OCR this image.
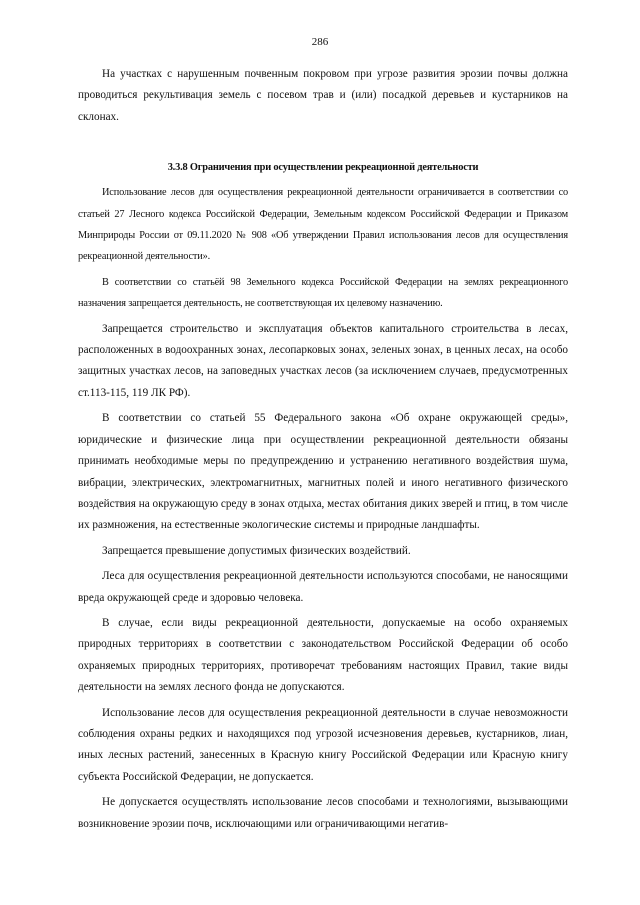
286

На участках с нарушенным почвенным покровом при угрозе развития эрозии почвы должна проводиться рекультивация земель с посевом трав и (или) посадкой деревьев и кустарников на склонах.

3.3.8 Ограничения при осуществлении рекреационной деятельности

Использование лесов для осуществления рекреационной деятельности ограничивается в соответствии со статьей 27 Лесного кодекса Российской Федерации, Земельным кодексом Российской Федерации и Приказом Минприроды России от 09.11.2020 № 908 «Об утверждении Правил использования лесов для осуществления рекреационной деятельности».

В соответствии со статьёй 98 Земельного кодекса Российской Федерации на землях рекреационного назначения запрещается деятельность, не соответствующая их целевому назначению.

Запрещается строительство и эксплуатация объектов капитального строительства в лесах, расположенных в водоохранных зонах, лесопарковых зонах, зеленых зонах, в ценных лесах, на особо защитных участках лесов, на заповедных участках лесов (за исключением случаев, предусмотренных ст.113-115, 119 ЛК РФ).

В соответствии со статьей 55 Федерального закона «Об охране окружающей среды», юридические и физические лица при осуществлении рекреационной деятельности обязаны принимать необходимые меры по предупреждению и устранению негативного воздействия шума, вибрации, электрических, электромагнитных, магнитных полей и иного негативного физического воздействия на окружающую среду в зонах отдыха, местах обитания диких зверей и птиц, в том числе их размножения, на естественные экологические системы и природные ландшафты.

Запрещается превышение допустимых физических воздействий.

Леса для осуществления рекреационной деятельности используются способами, не наносящими вреда окружающей среде и здоровью человека.

В случае, если виды рекреационной деятельности, допускаемые на особо охраняемых природных территориях в соответствии с законодательством Российской Федерации об особо охраняемых природных территориях, противоречат требованиям настоящих Правил, такие виды деятельности на землях лесного фонда не допускаются.

Использование лесов для осуществления рекреационной деятельности в случае невозможности соблюдения охраны редких и находящихся под угрозой исчезновения деревьев, кустарников, лиан, иных лесных растений, занесенных в Красную книгу Российской Федерации или Красную книгу субъекта Российской Федерации, не допускается.

Не допускается осуществлять использование лесов способами и технологиями, вызывающими возникновение эрозии почв, исключающими или ограничивающими негатив-
